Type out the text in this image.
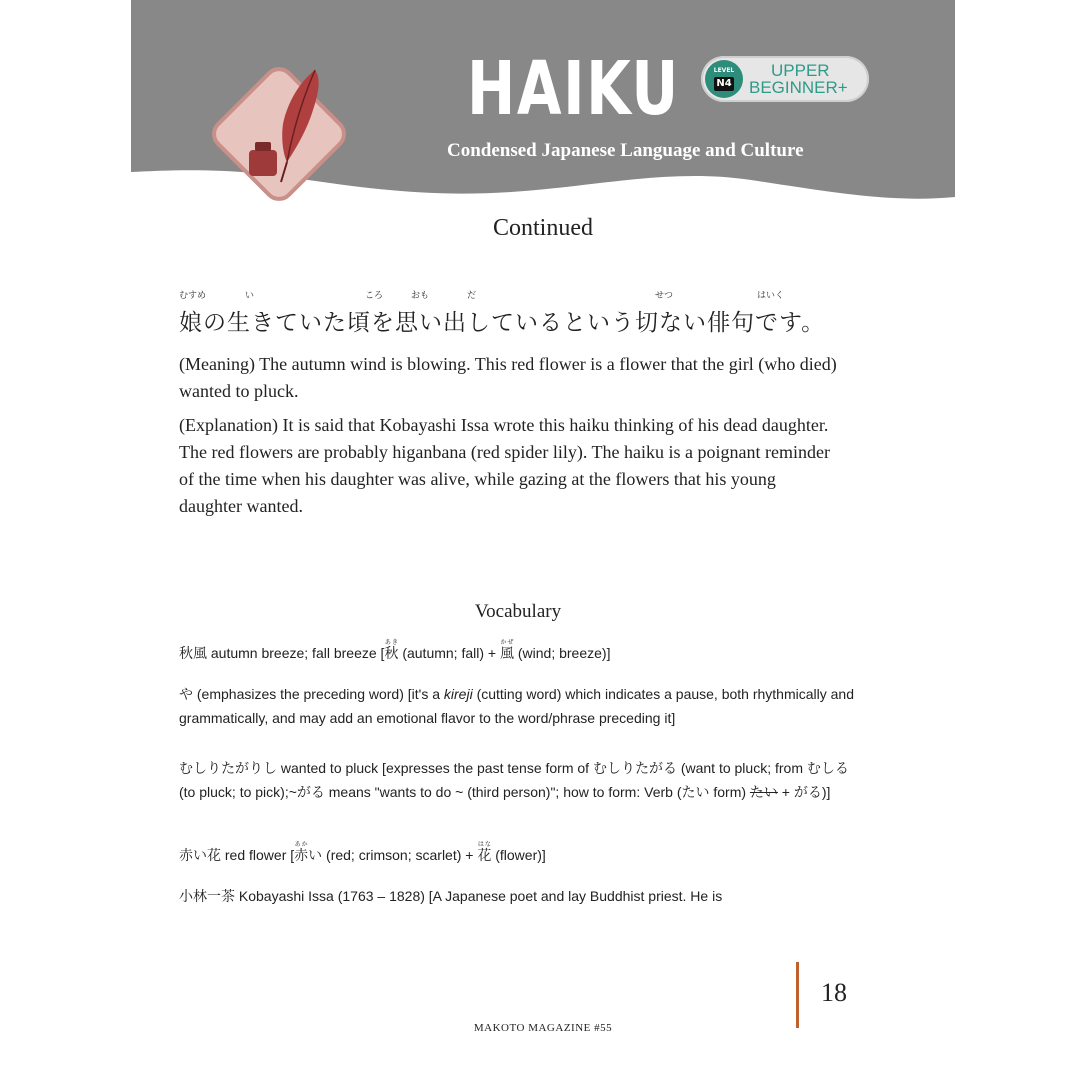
HAIKU
Condensed Japanese Language and Culture
LEVEL
N4
UPPER
BEGINNER+
Continued
むすめ	い	ころ	おも	だ	せつ	はいく
娘の生きていた頃を思い出しているという切ない俳句です。
(Meaning) The autumn wind is blowing. This red flower is a flower that the girl (who died) wanted to pluck.
(Explanation) It is said that Kobayashi Issa wrote this haiku thinking of his dead daughter. The red flowers are probably higanbana (red spider lily). The haiku is a poignant reminder of the time when his daughter was alive, while gazing at the flowers that his young daughter wanted.
Vocabulary
秋風 autumn breeze; fall breeze [秋あき (autumn; fall) + 風かぜ (wind; breeze)]
や (emphasizes the preceding word) [it's a kireji (cutting word) which indicates a pause, both rhythmically and grammatically, and may add an emotional flavor to the word/phrase preceding it]
むしりたがりし wanted to pluck [expresses the past tense form of むしりたがる (want to pluck; from むしる (to pluck; to pick);~がる means "wants to do ~ (third person)"; how to form: Verb (たい form) たい + がる)]
赤い花 red flower [赤あかい (red; crimson; scarlet) + 花はな (flower)]
小林一茶 Kobayashi Issa (1763 – 1828) [A Japanese poet and lay Buddhist priest. He is
18
MAKOTO MAGAZINE #55
